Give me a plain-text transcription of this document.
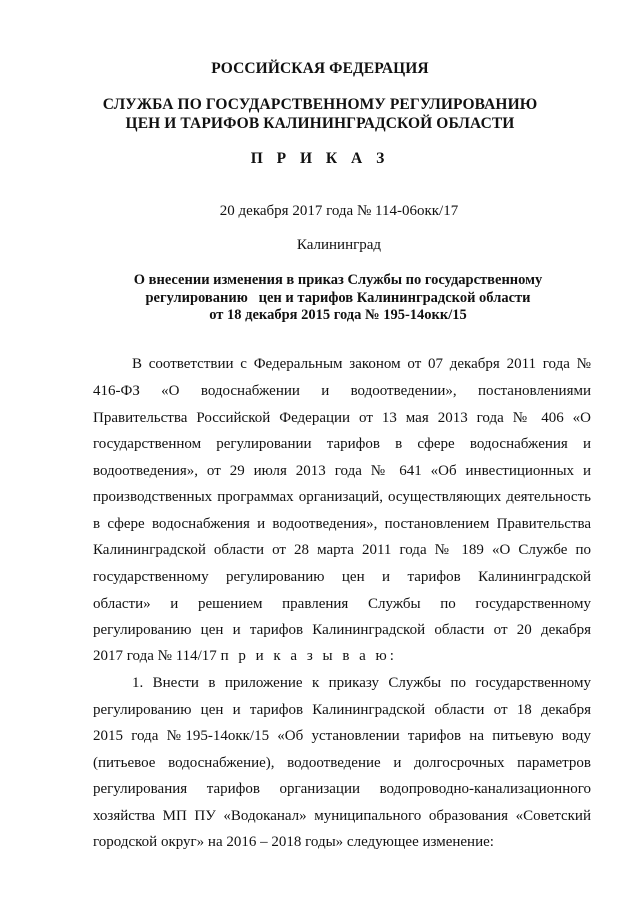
РОССИЙСКАЯ ФЕДЕРАЦИЯ
СЛУЖБА ПО ГОСУДАРСТВЕННОМУ РЕГУЛИРОВАНИЮ
ЦЕН И ТАРИФОВ КАЛИНИНГРАДСКОЙ ОБЛАСТИ
П Р И К А З
20 декабря 2017 года № 114-06окк/17
Калининград
О внесении изменения в приказ Службы по государственному
регулированию   цен и тарифов Калининградской области
от 18 декабря 2015 года № 195-14окк/15
В соответствии с Федеральным законом от 07 декабря 2011 года №
416-ФЗ «О водоснабжении и водоотведении», постановлениями
Правительства Российской Федерации от 13 мая 2013 года № 406 «О
государственном регулировании тарифов в сфере водоснабжения и
водоотведения», от 29 июля 2013 года № 641 «Об инвестиционных и
производственных программах организаций, осуществляющих деятельность
в сфере водоснабжения и водоотведения», постановлением Правительства
Калининградской области от 28 марта 2011 года № 189 «О Службе по
государственному регулированию цен и тарифов Калининградской
области» и решением правления Службы по государственному
регулированию цен и тарифов Калининградской области от 20 декабря
2017 года № 114/17 п р и к а з ы в а ю:
1. Внести в приложение к приказу Службы по государственному
регулированию цен и тарифов Калининградской области от 18 декабря
2015 года №195-14окк/15 «Об установлении тарифов на питьевую воду
(питьевое водоснабжение), водоотведение и долгосрочных параметров
регулирования тарифов организации водопроводно-канализационного
хозяйства МП ПУ «Водоканал» муниципального образования «Советский
городской округ» на 2016 – 2018 годы» следующее изменение:
